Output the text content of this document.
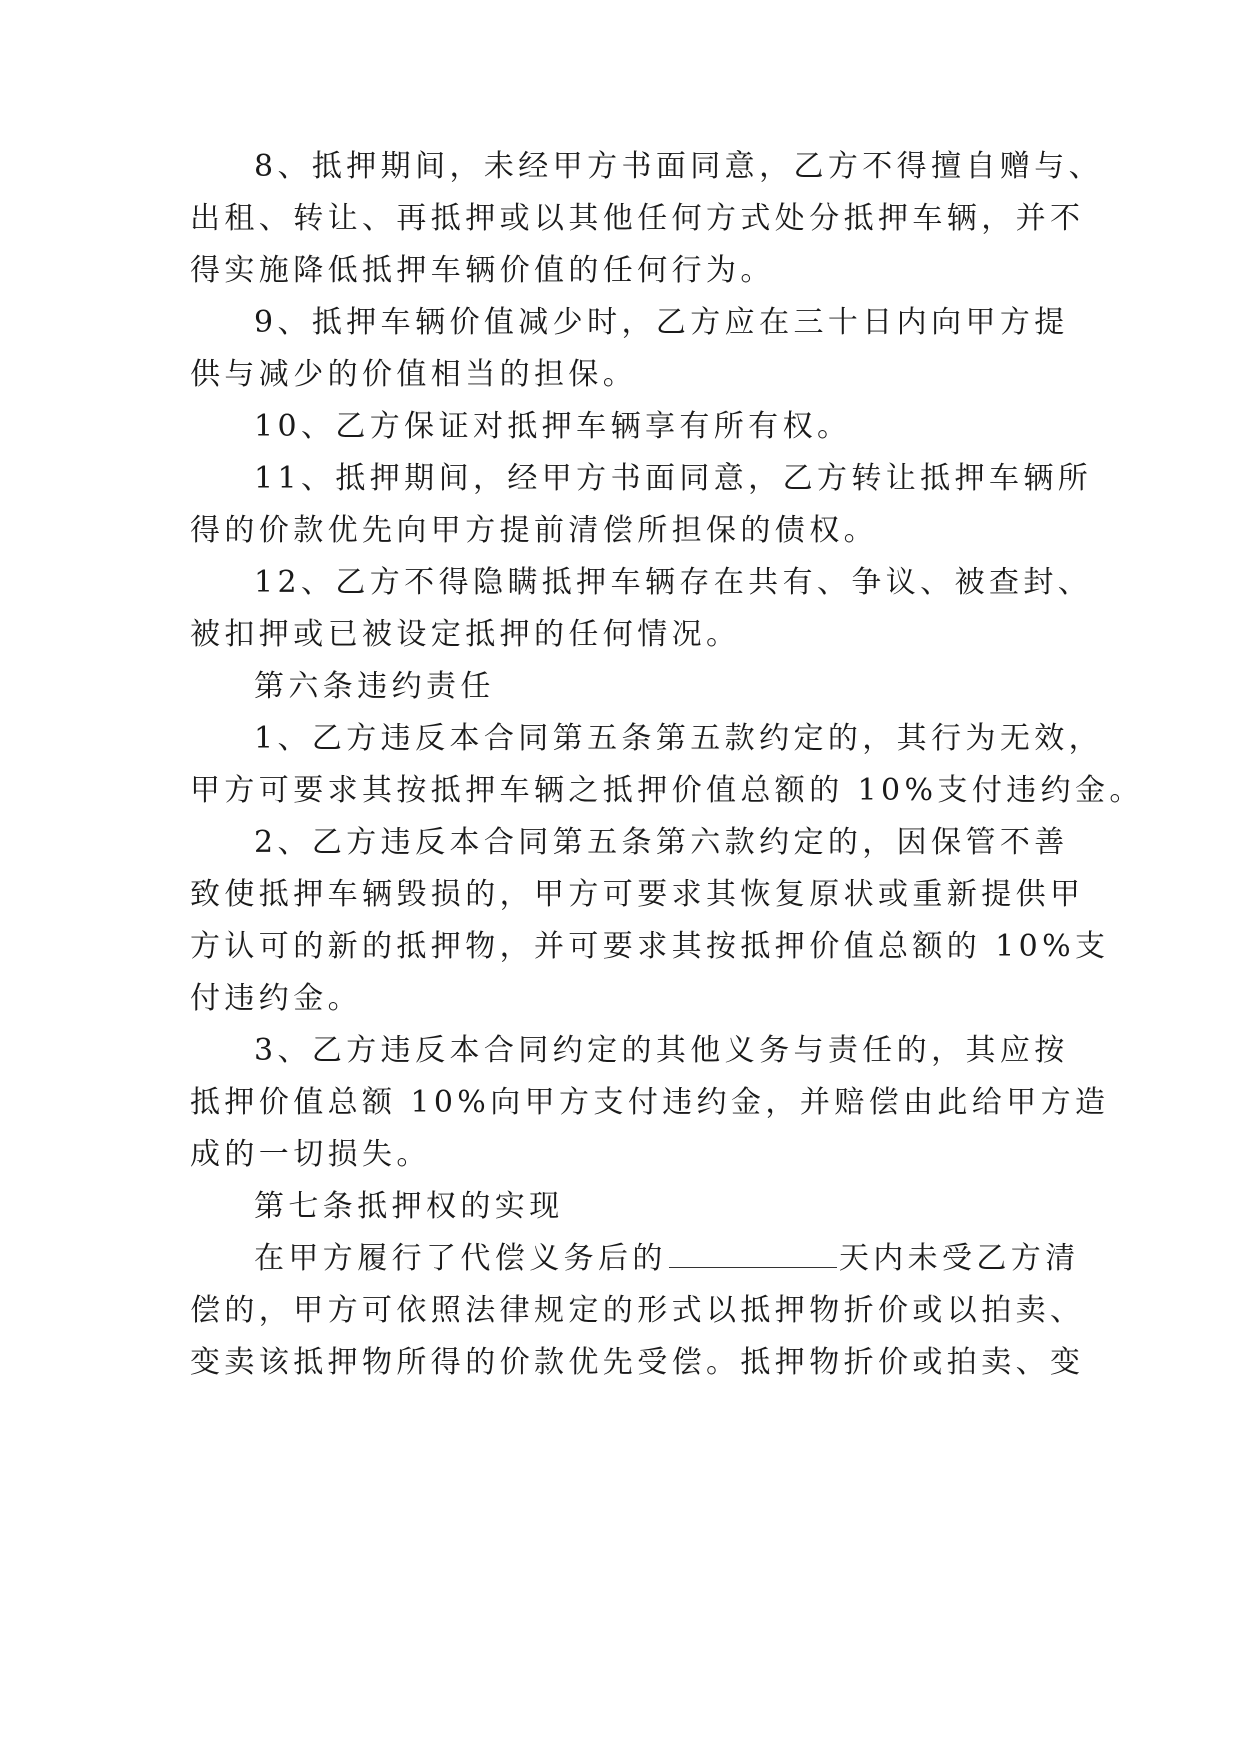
8、抵押期间，未经甲方书面同意，乙方不得擅自赠与、
出租、转让、再抵押或以其他任何方式处分抵押车辆，并不
得实施降低抵押车辆价值的任何行为。
9、抵押车辆价值减少时，乙方应在三十日内向甲方提
供与减少的价值相当的担保。
10、乙方保证对抵押车辆享有所有权。
11、抵押期间，经甲方书面同意，乙方转让抵押车辆所
得的价款优先向甲方提前清偿所担保的债权。
12、乙方不得隐瞒抵押车辆存在共有、争议、被查封、
被扣押或已被设定抵押的任何情况。
第六条违约责任
1、乙方违反本合同第五条第五款约定的，其行为无效，
甲方可要求其按抵押车辆之抵押价值总额的 10%支付违约金。
2、乙方违反本合同第五条第六款约定的，因保管不善
致使抵押车辆毁损的，甲方可要求其恢复原状或重新提供甲
方认可的新的抵押物，并可要求其按抵押价值总额的 10%支
付违约金。
3、乙方违反本合同约定的其他义务与责任的，其应按
抵押价值总额 10%向甲方支付违约金，并赔偿由此给甲方造
成的一切损失。
第七条抵押权的实现
在甲方履行了代偿义务后的	天内未受乙方清
偿的，甲方可依照法律规定的形式以抵押物折价或以拍卖、
变卖该抵押物所得的价款优先受偿。抵押物折价或拍卖、变
